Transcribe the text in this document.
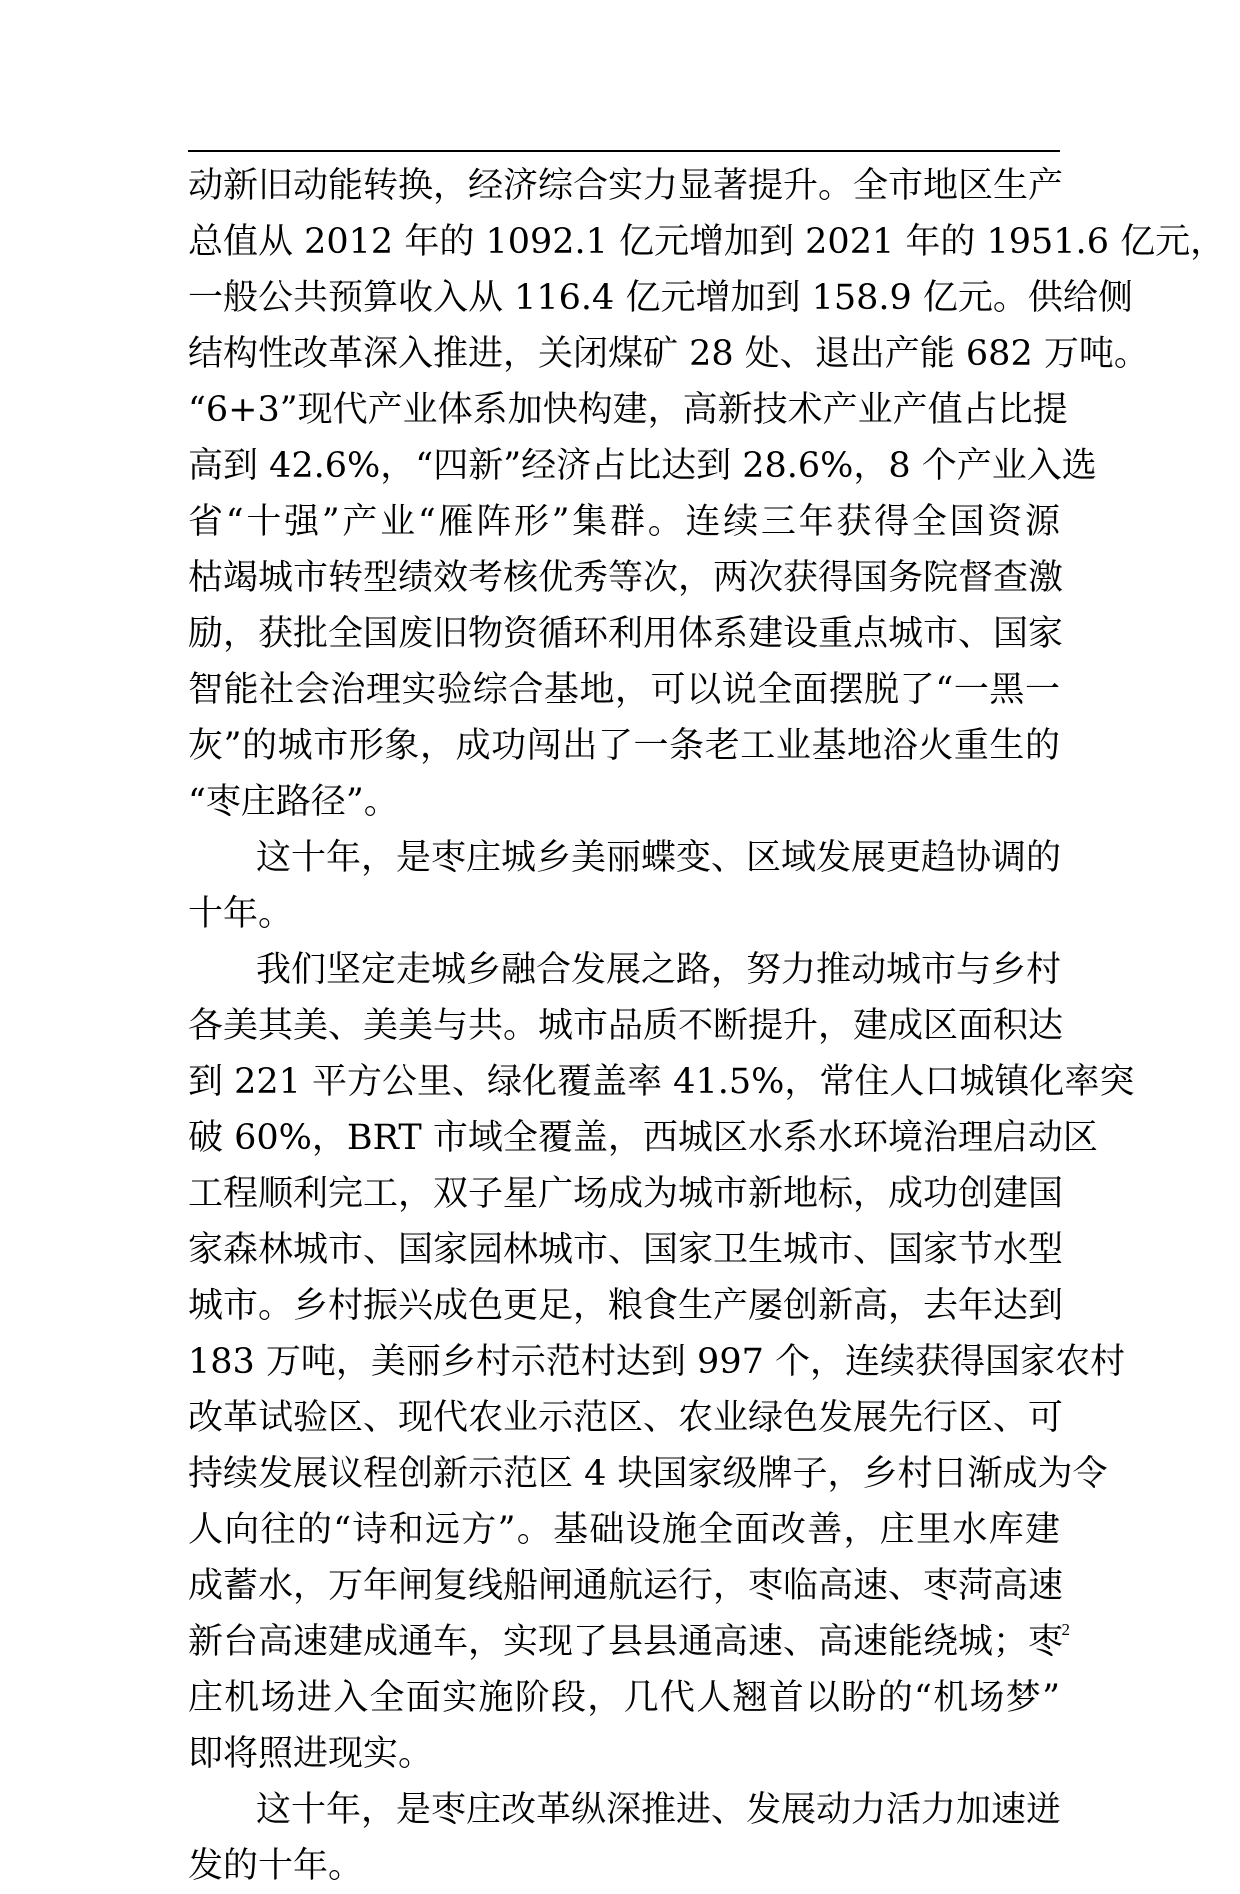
动新旧动能转换，经济综合实力显著提升。全市地区生产
总值从 2012 年的 1092.1 亿元增加到 2021 年的 1951.6 亿元，
一般公共预算收入从 116.4 亿元增加到 158.9 亿元。供给侧
结构性改革深入推进，关闭煤矿 28 处、退出产能 682 万吨。
“6+3”现代产业体系加快构建，高新技术产业产值占比提
高到 42.6%，“四新”经济占比达到 28.6%，8 个产业入选
省“十强”产业“雁阵形”集群。连续三年获得全国资源
枯竭城市转型绩效考核优秀等次，两次获得国务院督查激
励，获批全国废旧物资循环利用体系建设重点城市、国家
智能社会治理实验综合基地，可以说全面摆脱了“一黑一
灰”的城市形象，成功闯出了一条老工业基地浴火重生的
“枣庄路径”。
这十年，是枣庄城乡美丽蝶变、区域发展更趋协调的
十年。
我们坚定走城乡融合发展之路，努力推动城市与乡村
各美其美、美美与共。城市品质不断提升，建成区面积达
到 221 平方公里、绿化覆盖率 41.5%，常住人口城镇化率突
破 60%，BRT 市域全覆盖，西城区水系水环境治理启动区
工程顺利完工，双子星广场成为城市新地标，成功创建国
家森林城市、国家园林城市、国家卫生城市、国家节水型
城市。乡村振兴成色更足，粮食生产屡创新高，去年达到
183 万吨，美丽乡村示范村达到 997 个，连续获得国家农村
改革试验区、现代农业示范区、农业绿色发展先行区、可
持续发展议程创新示范区 4 块国家级牌子，乡村日渐成为令
人向往的“诗和远方”。基础设施全面改善，庄里水库建
成蓄水，万年闸复线船闸通航运行，枣临高速、枣菏高速
新台高速建成通车，实现了县县通高速、高速能绕城；枣
庄机场进入全面实施阶段，几代人翘首以盼的“机场梦”
即将照进现实。
这十年，是枣庄改革纵深推进、发展动力活力加速迸
发的十年。
2
